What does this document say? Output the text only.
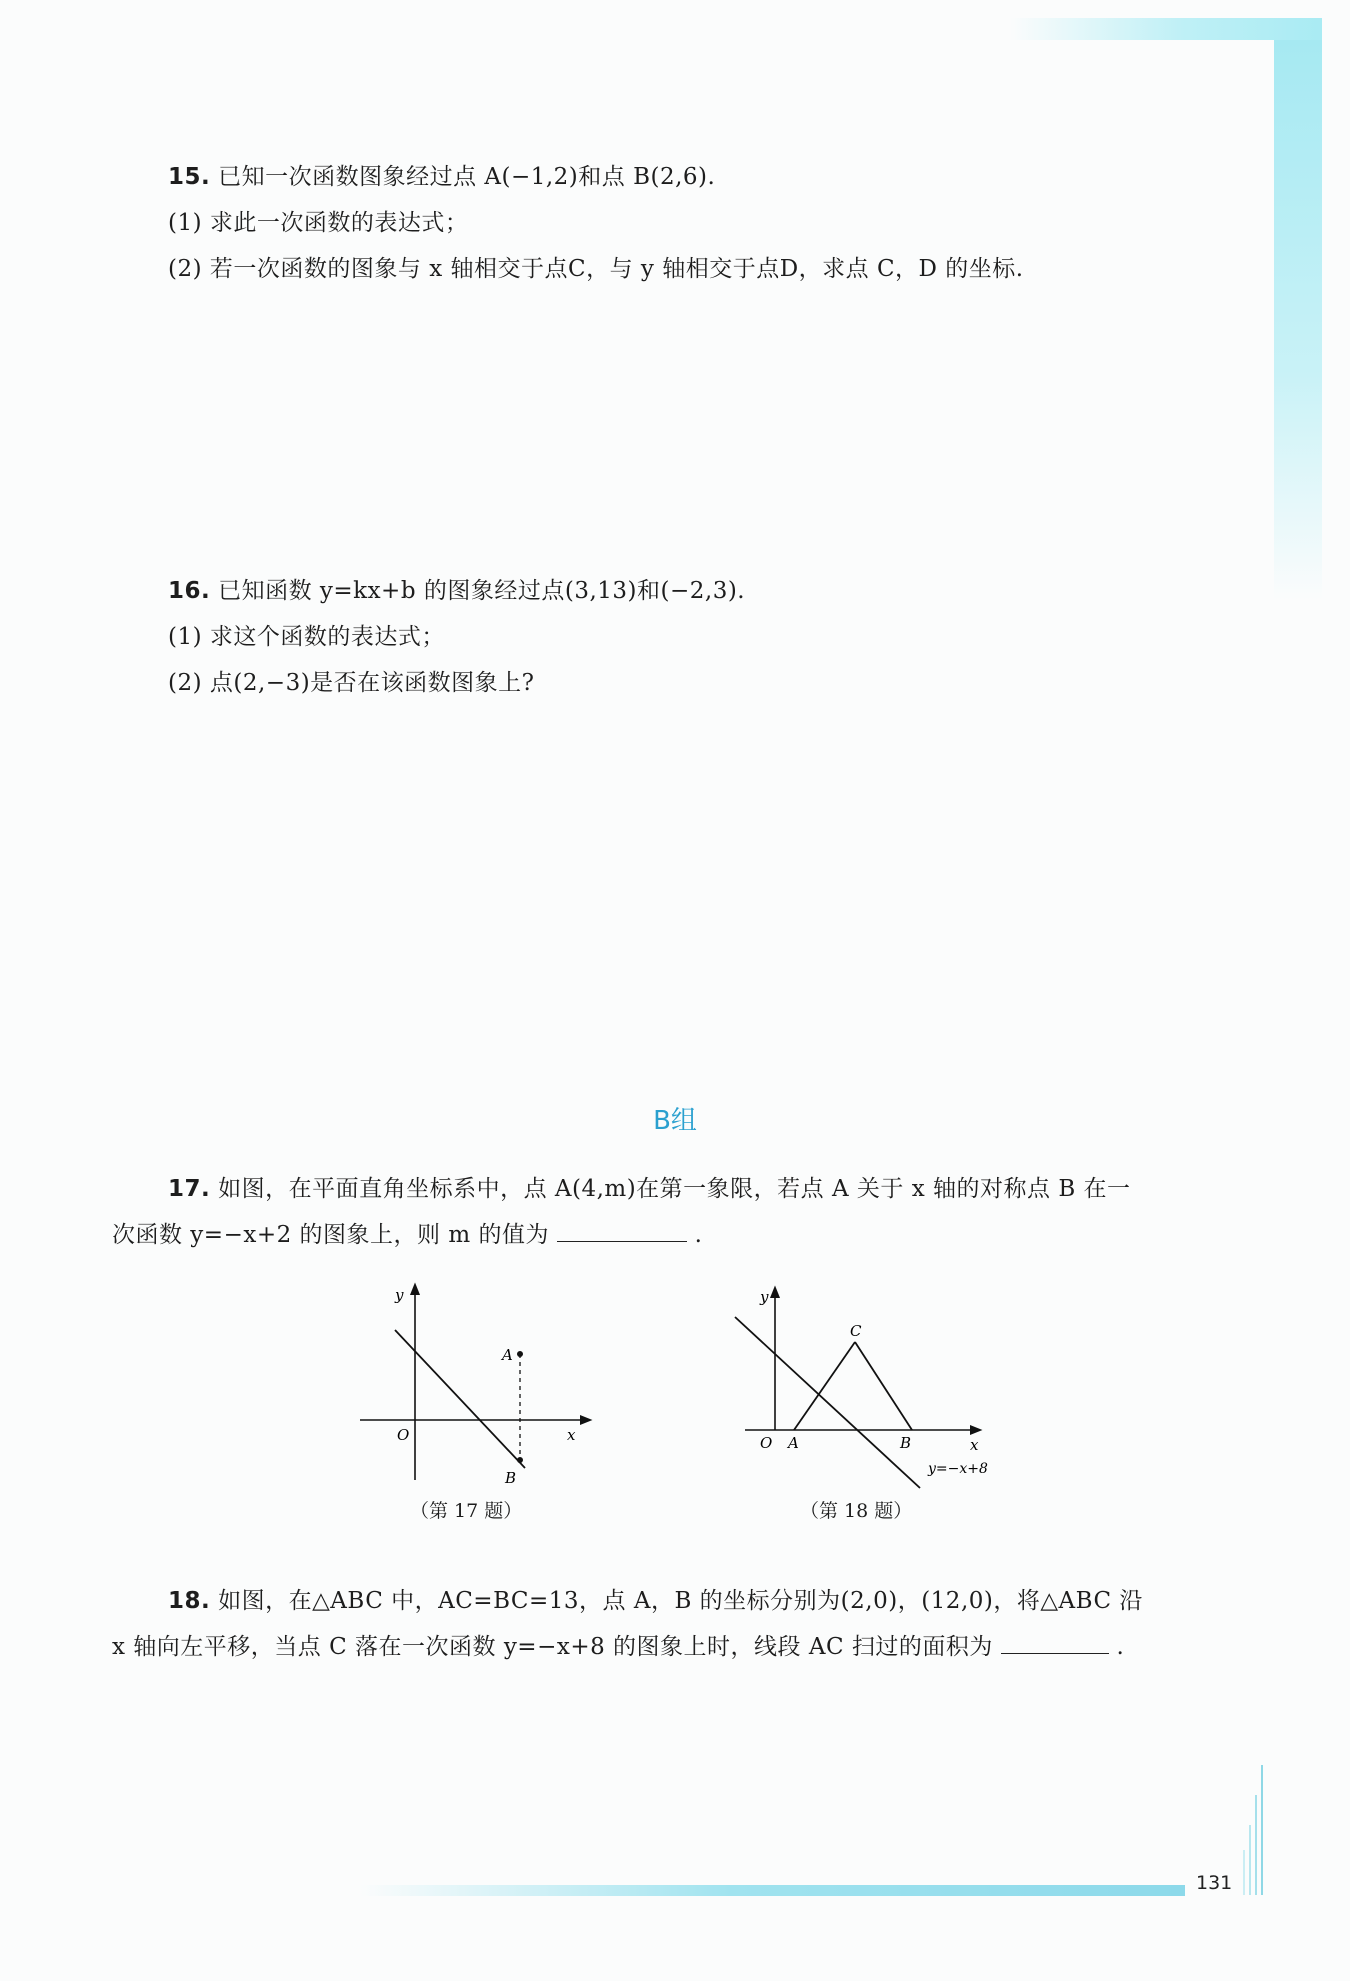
15. 已知一次函数图象经过点 A(−1,2)和点 B(2,6).
(1) 求此一次函数的表达式；
(2) 若一次函数的图象与 x 轴相交于点C，与 y 轴相交于点D，求点 C，D 的坐标.
16. 已知函数 y=kx+b 的图象经过点(3,13)和(−2,3).
(1) 求这个函数的表达式；
(2) 点(2,−3)是否在该函数图象上?
B组
17. 如图，在平面直角坐标系中，点 A(4,m)在第一象限，若点 A 关于 x 轴的对称点 B 在一
次函数 y=−x+2 的图象上，则 m 的值为	.
y
x
O
A
B
（第 17 题）
y
x
O A	B
C
y=−x+8
（第 18 题）
18. 如图，在△ABC 中，AC=BC=13，点 A，B 的坐标分别为(2,0)，(12,0)，将△ABC 沿
x 轴向左平移，当点 C 落在一次函数 y=−x+8 的图象上时，线段 AC 扫过的面积为	.
131
